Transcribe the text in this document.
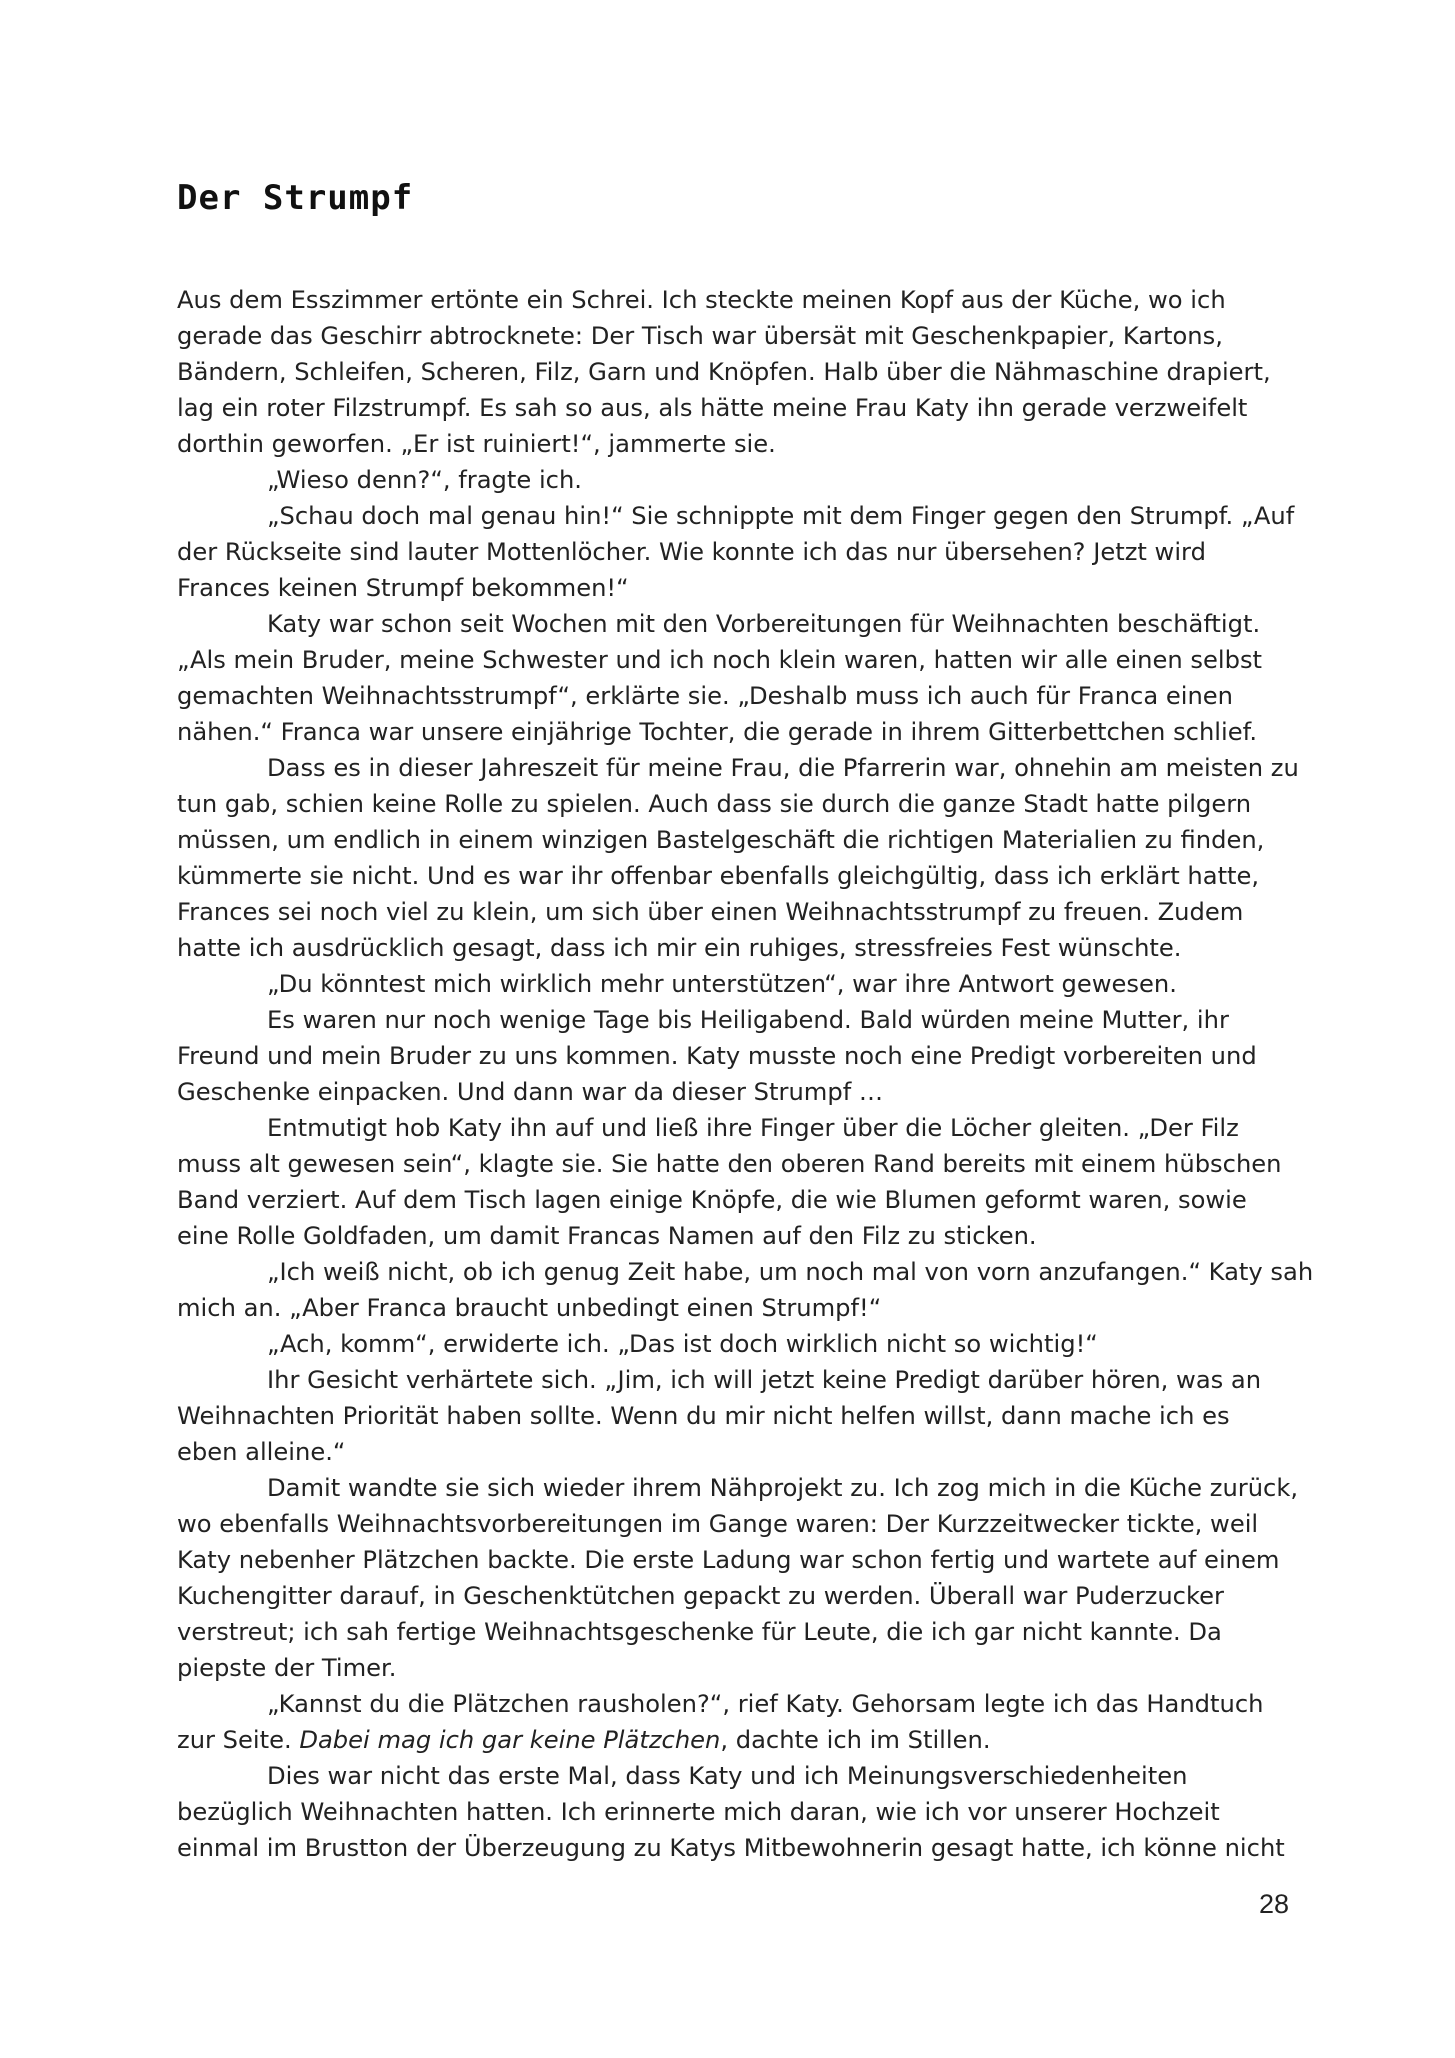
Der Strumpf

Aus dem Esszimmer ertönte ein Schrei. Ich steckte meinen Kopf aus der Küche, wo ich
gerade das Geschirr abtrocknete: Der Tisch war übersät mit Geschenkpapier, Kartons,
Bändern, Schleifen, Scheren, Filz, Garn und Knöpfen. Halb über die Nähmaschine drapiert,
lag ein roter Filzstrumpf. Es sah so aus, als hätte meine Frau Katy ihn gerade verzweifelt
dorthin geworfen. „Er ist ruiniert!“, jammerte sie.

„Wieso denn?“, fragte ich.

„Schau doch mal genau hin!“ Sie schnippte mit dem Finger gegen den Strumpf. „Auf
der Rückseite sind lauter Mottenlöcher. Wie konnte ich das nur übersehen? Jetzt wird
Frances keinen Strumpf bekommen!“

Katy war schon seit Wochen mit den Vorbereitungen für Weihnachten beschäftigt.
„Als mein Bruder, meine Schwester und ich noch klein waren, hatten wir alle einen selbst
gemachten Weihnachtsstrumpf“, erklärte sie. „Deshalb muss ich auch für Franca einen
nähen.“ Franca war unsere einjährige Tochter, die gerade in ihrem Gitterbettchen schlief.

Dass es in dieser Jahreszeit für meine Frau, die Pfarrerin war, ohnehin am meisten zu
tun gab, schien keine Rolle zu spielen. Auch dass sie durch die ganze Stadt hatte pilgern
müssen, um endlich in einem winzigen Bastelgeschäft die richtigen Materialien zu finden,
kümmerte sie nicht. Und es war ihr offenbar ebenfalls gleichgültig, dass ich erklärt hatte,
Frances sei noch viel zu klein, um sich über einen Weihnachtsstrumpf zu freuen. Zudem
hatte ich ausdrücklich gesagt, dass ich mir ein ruhiges, stressfreies Fest wünschte.

„Du könntest mich wirklich mehr unterstützen“, war ihre Antwort gewesen.

Es waren nur noch wenige Tage bis Heiligabend. Bald würden meine Mutter, ihr
Freund und mein Bruder zu uns kommen. Katy musste noch eine Predigt vorbereiten und
Geschenke einpacken. Und dann war da dieser Strumpf …

Entmutigt hob Katy ihn auf und ließ ihre Finger über die Löcher gleiten. „Der Filz
muss alt gewesen sein“, klagte sie. Sie hatte den oberen Rand bereits mit einem hübschen
Band verziert. Auf dem Tisch lagen einige Knöpfe, die wie Blumen geformt waren, sowie
eine Rolle Goldfaden, um damit Francas Namen auf den Filz zu sticken.

„Ich weiß nicht, ob ich genug Zeit habe, um noch mal von vorn anzufangen.“ Katy sah
mich an. „Aber Franca braucht unbedingt einen Strumpf!“

„Ach, komm“, erwiderte ich. „Das ist doch wirklich nicht so wichtig!“

Ihr Gesicht verhärtete sich. „Jim, ich will jetzt keine Predigt darüber hören, was an
Weihnachten Priorität haben sollte. Wenn du mir nicht helfen willst, dann mache ich es
eben alleine.“

Damit wandte sie sich wieder ihrem Nähprojekt zu. Ich zog mich in die Küche zurück,
wo ebenfalls Weihnachtsvorbereitungen im Gange waren: Der Kurzzeitwecker tickte, weil
Katy nebenher Plätzchen backte. Die erste Ladung war schon fertig und wartete auf einem
Kuchengitter darauf, in Geschenktütchen gepackt zu werden. Überall war Puderzucker
verstreut; ich sah fertige Weihnachtsgeschenke für Leute, die ich gar nicht kannte. Da
piepste der Timer.

„Kannst du die Plätzchen rausholen?“, rief Katy. Gehorsam legte ich das Handtuch
zur Seite. Dabei mag ich gar keine Plätzchen, dachte ich im Stillen.

Dies war nicht das erste Mal, dass Katy und ich Meinungsverschiedenheiten
bezüglich Weihnachten hatten. Ich erinnerte mich daran, wie ich vor unserer Hochzeit
einmal im Brustton der Überzeugung zu Katys Mitbewohnerin gesagt hatte, ich könne nicht

28
